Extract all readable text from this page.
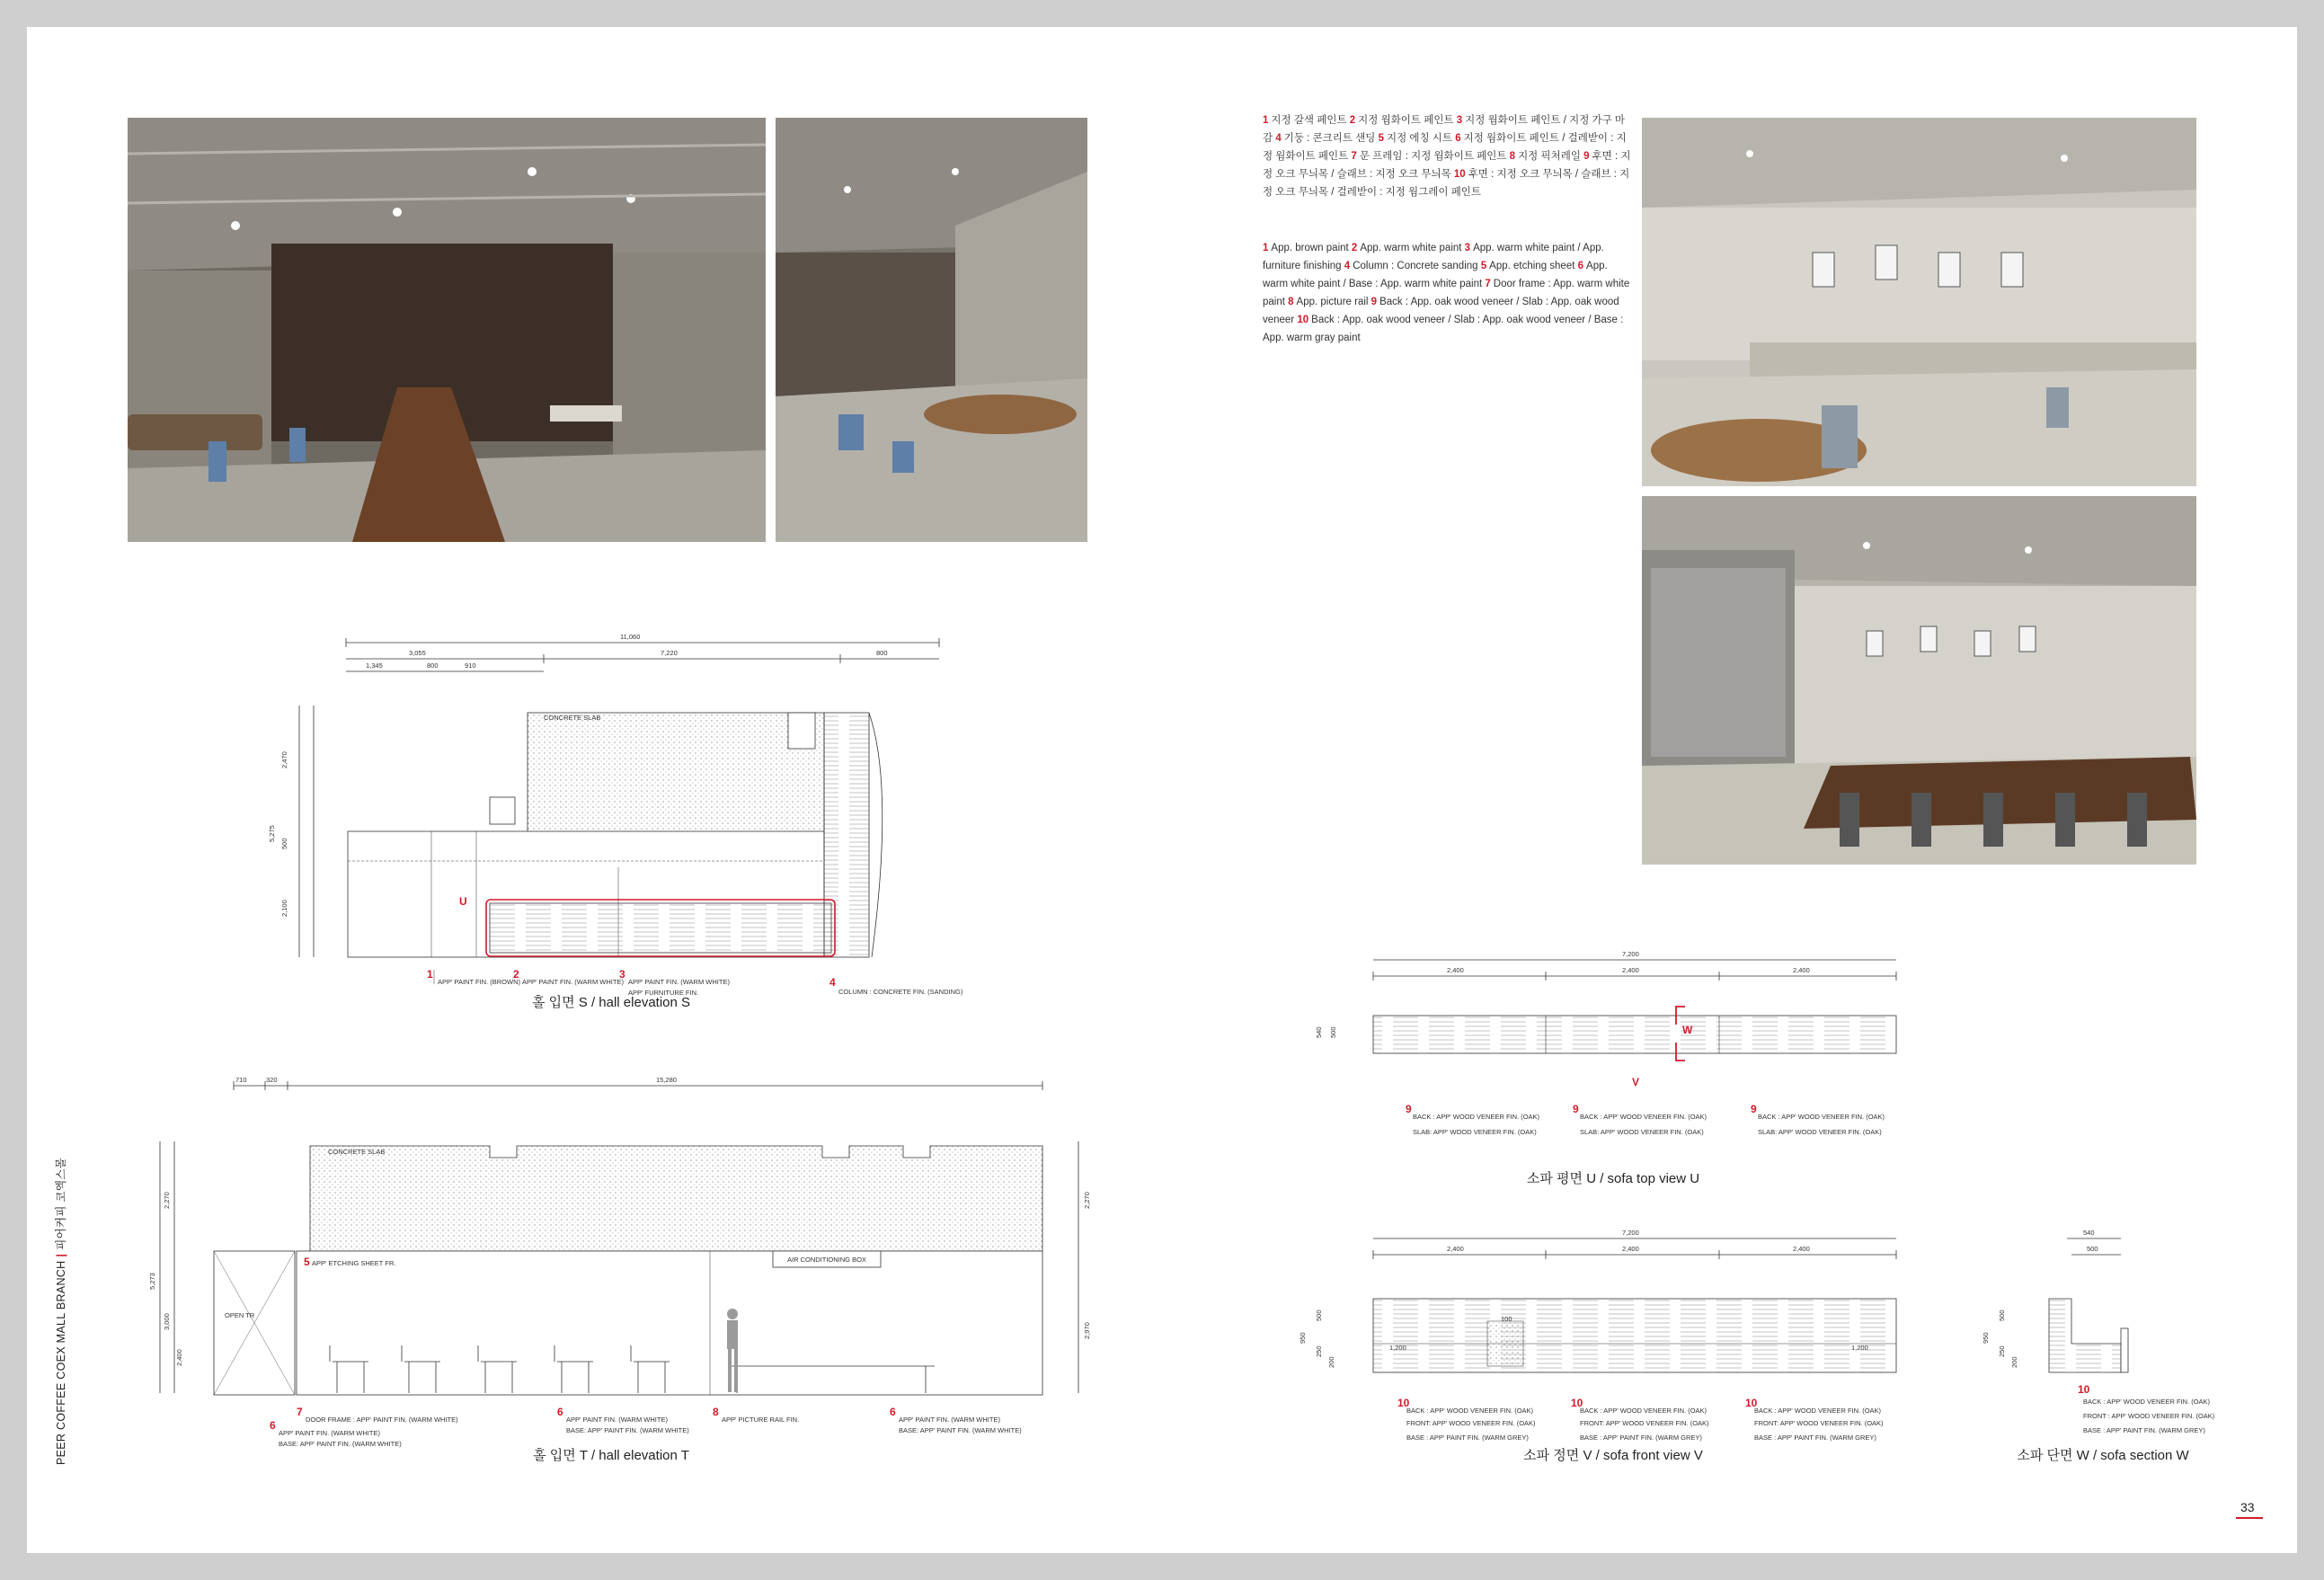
1 지정 갈색 페인트 2 지정 웜화이트 페인트 3 지정 웜화이트 페인트 / 지정 가구 마감 4 기둥 : 콘크리트 샌딩 5 지정 에칭 시트 6 지정 웜화이트 페인트 / 걸레받이 : 지정 웜화이트 페인트 7 문 프레임 : 지정 웜화이트 페인트 8 지정 픽처레일 9 후면 : 지정 오크 무늬목 / 슬래브 : 지정 오크 무늬목 10 후면 : 지정 오크 무늬목 / 슬래브 : 지정 오크 무늬목 / 걸레받이 : 지정 웜그레이 페인트
1 App. brown paint 2 App. warm white paint 3 App. warm white paint / App. furniture finishing 4 Column : Concrete sanding 5 App. etching sheet 6 App. warm white paint / Base : App. warm white paint 7 Door frame : App. warm white paint 8 App. picture rail 9 Back : App. oak wood veneer / Slab : App. oak wood veneer 10 Back : App. oak wood veneer / Slab : App. oak wood veneer / Base : App. warm gray paint
11,060
3,055	7,220	800
1,345	800	910
2,470
5,275
500
2,100
CONCRETE SLAB
U
1
APP' PAINT FIN. (BROWN)
2
APP' PAINT FIN. (WARM WHITE)
3
APP' PAINT FIN. (WARM WHITE)
APP' FURNITURE FIN.
4
COLUMN : CONCRETE FIN. (SANDING)
홀 입면 S / hall elevation S
710	320	15,280
2,270
5,273
3,000
2,400
2,270
2,970
CONCRETE SLAB
OPEN TR
AIR CONDITIONING BOX
5 APP' ETCHING SHEET FR.
6
APP' PAINT FIN. (WARM WHITE)
BASE: APP' PAINT FIN. (WARM WHITE)
7
DOOR FRAME : APP' PAINT FIN. (WARM WHITE)
6
APP' PAINT FIN. (WARM WHITE)
BASE: APP' PAINT FIN. (WARM WHITE)
8
APP' PICTURE RAIL FIN.
6
APP' PAINT FIN. (WARM WHITE)
BASE: APP' PAINT FIN. (WARM WHITE)
홀 입면 T / hall elevation T
7,200
2,400	2,400	2,400
540 500	W
V
9
BACK : APP' WOOD VENEER FIN. (OAK)
SLAB: APP' WOOD VENEER FIN. (OAK)
9
BACK : APP' WOOD VENEER FIN. (OAK)
SLAB: APP' WOOD VENEER FIN. (OAK)
9
BACK : APP' WOOD VENEER FIN. (OAK)
SLAB: APP' WOOD VENEER FIN. (OAK)
소파 평면 U / sofa top view U
7,200
2,400	2,400	2,400
950
500
250
200
100
1,200	1,200
10
BACK : APP' WOOD VENEER FIN. (OAK)
FRONT: APP' WOOD VENEER FIN. (OAK)
BASE : APP' PAINT FIN. (WARM GREY)
10
BACK : APP' WOOD VENEER FIN. (OAK)
FRONT: APP' WOOD VENEER FIN. (OAK)
BASE : APP' PAINT FIN. (WARM GREY)
10
BACK : APP' WOOD VENEER FIN. (OAK)
FRONT: APP' WOOD VENEER FIN. (OAK)
BASE : APP' PAINT FIN. (WARM GREY)
소파 정면 V / sofa front view V
540
500
950
500
250
200
10
BACK : APP' WOOD VENEER FIN. (OAK)
FRONT : APP' WOOD VENEER FIN. (OAK)
BASE : APP' PAINT FIN. (WARM GREY)
소파 단면 W / sofa section W
PEER COFFEE COEX MALL BRANCH|피어커피 코엑스몰
33
